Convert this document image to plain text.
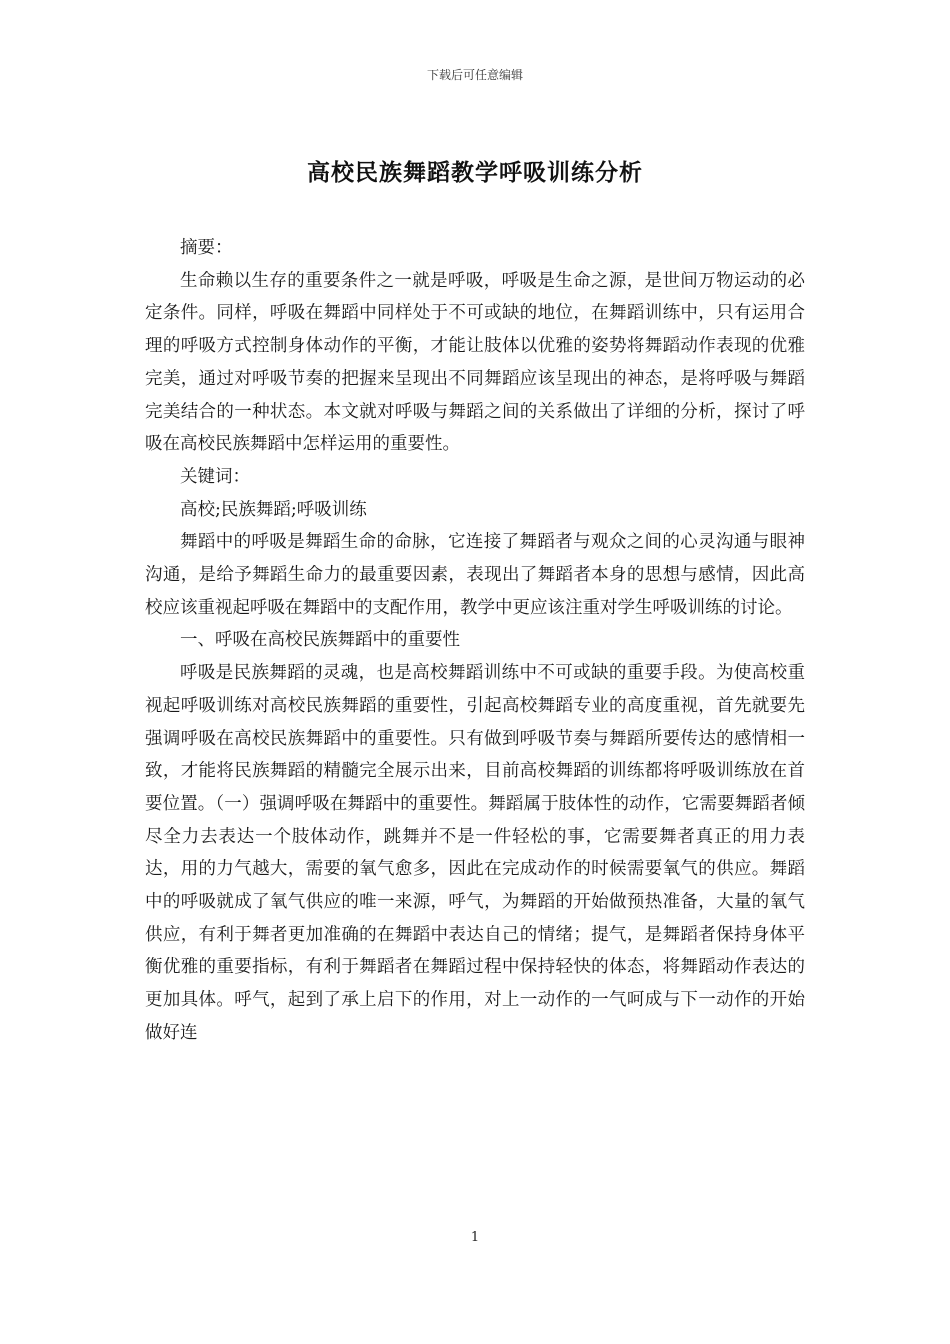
下载后可任意编辑
高校民族舞蹈教学呼吸训练分析

摘要：

生命赖以生存的重要条件之一就是呼吸，呼吸是生命之源，是世间万物运动的必定条件。同样，呼吸在舞蹈中同样处于不可或缺的地位，在舞蹈训练中，只有运用合理的呼吸方式控制身体动作的平衡，才能让肢体以优雅的姿势将舞蹈动作表现的优雅完美，通过对呼吸节奏的把握来呈现出不同舞蹈应该呈现出的神态，是将呼吸与舞蹈完美结合的一种状态。本文就对呼吸与舞蹈之间的关系做出了详细的分析，探讨了呼吸在高校民族舞蹈中怎样运用的重要性。

关键词：

高校;民族舞蹈;呼吸训练

舞蹈中的呼吸是舞蹈生命的命脉，它连接了舞蹈者与观众之间的心灵沟通与眼神沟通，是给予舞蹈生命力的最重要因素，表现出了舞蹈者本身的思想与感情，因此高校应该重视起呼吸在舞蹈中的支配作用，教学中更应该注重对学生呼吸训练的讨论。

一、呼吸在高校民族舞蹈中的重要性

呼吸是民族舞蹈的灵魂，也是高校舞蹈训练中不可或缺的重要手段。为使高校重视起呼吸训练对高校民族舞蹈的重要性，引起高校舞蹈专业的高度重视，首先就要先强调呼吸在高校民族舞蹈中的重要性。只有做到呼吸节奏与舞蹈所要传达的感情相一致，才能将民族舞蹈的精髓完全展示出来，目前高校舞蹈的训练都将呼吸训练放在首要位置。（一）强调呼吸在舞蹈中的重要性。舞蹈属于肢体性的动作，它需要舞蹈者倾尽全力去表达一个肢体动作，跳舞并不是一件轻松的事，它需要舞者真正的用力表达，用的力气越大，需要的氧气愈多，因此在完成动作的时候需要氧气的供应。舞蹈中的呼吸就成了氧气供应的唯一来源，呼气，为舞蹈的开始做预热准备，大量的氧气供应，有利于舞者更加准确的在舞蹈中表达自己的情绪；提气，是舞蹈者保持身体平衡优雅的重要指标，有利于舞蹈者在舞蹈过程中保持轻快的体态，将舞蹈动作表达的更加具体。呼气，起到了承上启下的作用，对上一动作的一气呵成与下一动作的开始做好连

1
